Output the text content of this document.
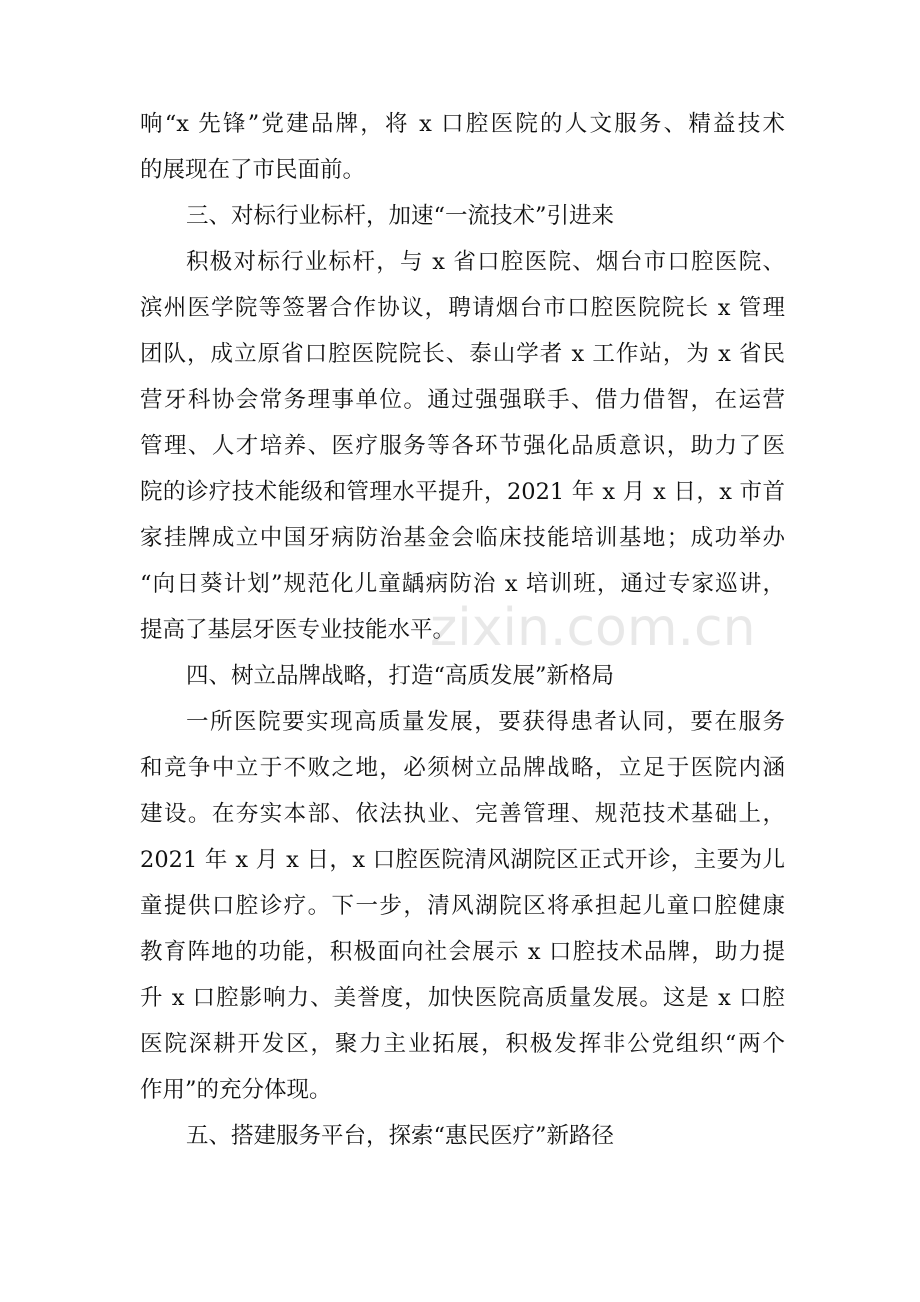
响“x 先锋”党建品牌，将 x 口腔医院的人文服务、精益技术
的展现在了市民面前。
三、对标行业标杆，加速“一流技术”引进来
积极对标行业标杆，与 x 省口腔医院、烟台市口腔医院、
滨州医学院等签署合作协议，聘请烟台市口腔医院院长 x 管理
团队，成立原省口腔医院院长、泰山学者 x 工作站，为 x 省民
营牙科协会常务理事单位。通过强强联手、借力借智，在运营
管理、人才培养、医疗服务等各环节强化品质意识，助力了医
院的诊疗技术能级和管理水平提升，2021 年 x 月 x 日，x 市首
家挂牌成立中国牙病防治基金会临床技能培训基地；成功举办
“向日葵计划”规范化儿童龋病防治 x 培训班，通过专家巡讲，
提高了基层牙医专业技能水平。
四、树立品牌战略，打造“高质发展”新格局
一所医院要实现高质量发展，要获得患者认同，要在服务
和竞争中立于不败之地，必须树立品牌战略，立足于医院内涵
建设。在夯实本部、依法执业、完善管理、规范技术基础上，
2021 年 x 月 x 日，x 口腔医院清风湖院区正式开诊，主要为儿
童提供口腔诊疗。下一步，清风湖院区将承担起儿童口腔健康
教育阵地的功能，积极面向社会展示 x 口腔技术品牌，助力提
升 x 口腔影响力、美誉度，加快医院高质量发展。这是 x 口腔
医院深耕开发区，聚力主业拓展，积极发挥非公党组织“两个
作用”的充分体现。
五、搭建服务平台，探索“惠民医疗”新路径
zixin.com.cn
